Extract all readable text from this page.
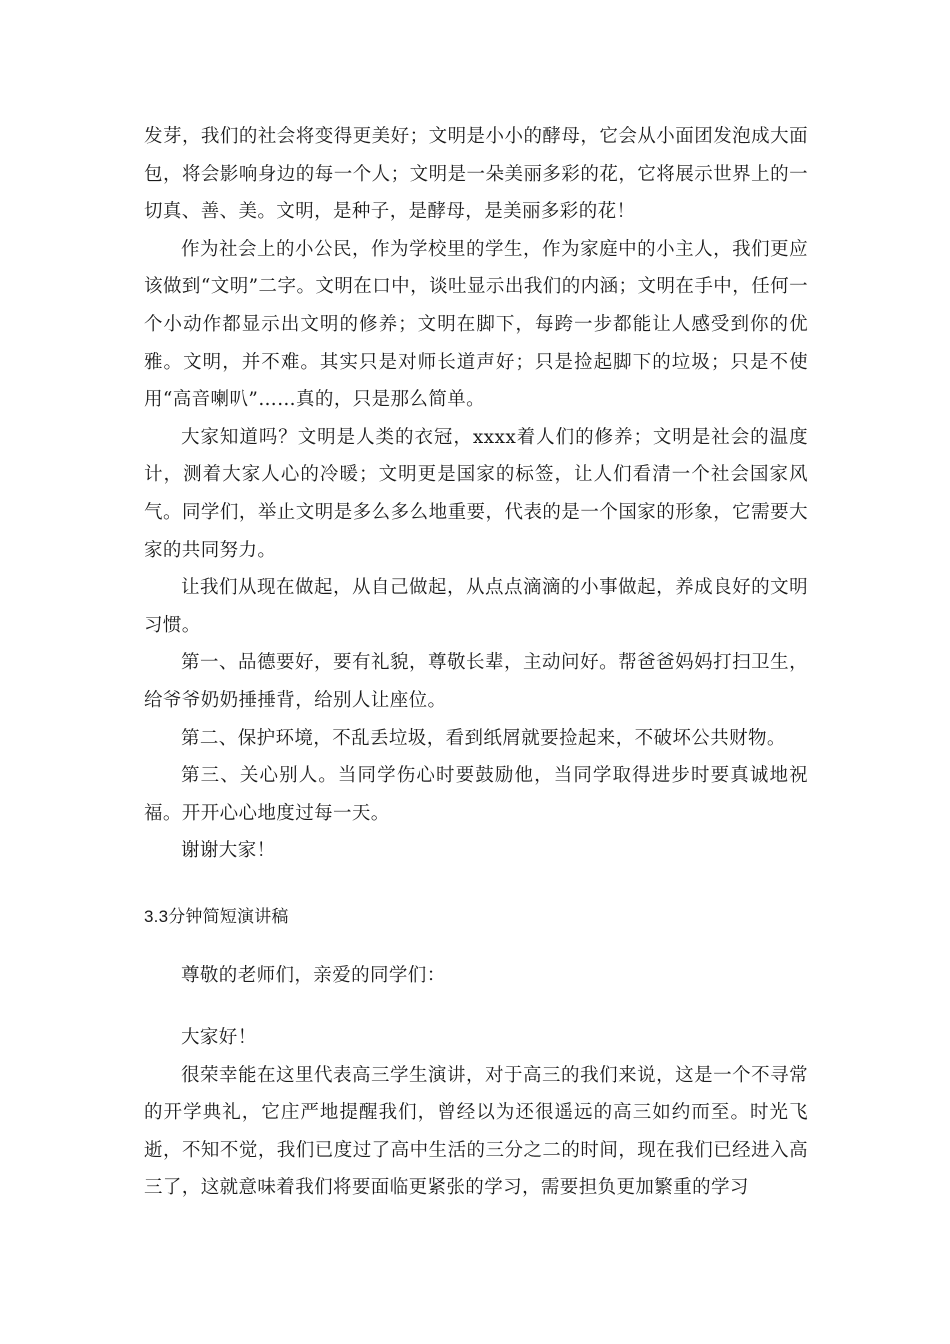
发芽，我们的社会将变得更美好；文明是小小的酵母，它会从小面团发泡成大面包，将会影响身边的每一个人；文明是一朵美丽多彩的花，它将展示世界上的一切真、善、美。文明，是种子，是酵母，是美丽多彩的花！

作为社会上的小公民，作为学校里的学生，作为家庭中的小主人，我们更应该做到“文明”二字。文明在口中，谈吐显示出我们的内涵；文明在手中，任何一个小动作都显示出文明的修养；文明在脚下，每跨一步都能让人感受到你的优雅。文明，并不难。其实只是对师长道声好；只是捡起脚下的垃圾；只是不使用“高音喇叭”……真的，只是那么简单。

大家知道吗？文明是人类的衣冠，xxxx着人们的修养；文明是社会的温度计，测着大家人心的冷暖；文明更是国家的标签，让人们看清一个社会国家风气。同学们，举止文明是多么多么地重要，代表的是一个国家的形象，它需要大家的共同努力。

让我们从现在做起，从自己做起，从点点滴滴的小事做起，养成良好的文明习惯。

第一、品德要好，要有礼貌，尊敬长辈，主动问好。帮爸爸妈妈打扫卫生，给爷爷奶奶捶捶背，给别人让座位。

第二、保护环境，不乱丢垃圾，看到纸屑就要捡起来，不破坏公共财物。

第三、关心别人。当同学伤心时要鼓励他，当同学取得进步时要真诚地祝福。开开心心地度过每一天。

谢谢大家！

3.3分钟简短演讲稿

尊敬的老师们，亲爱的同学们：

大家好！

很荣幸能在这里代表高三学生演讲，对于高三的我们来说，这是一个不寻常的开学典礼，它庄严地提醒我们，曾经以为还很遥远的高三如约而至。时光飞逝，不知不觉，我们已度过了高中生活的三分之二的时间，现在我们已经进入高三了，这就意味着我们将要面临更紧张的学习，需要担负更加繁重的学习
